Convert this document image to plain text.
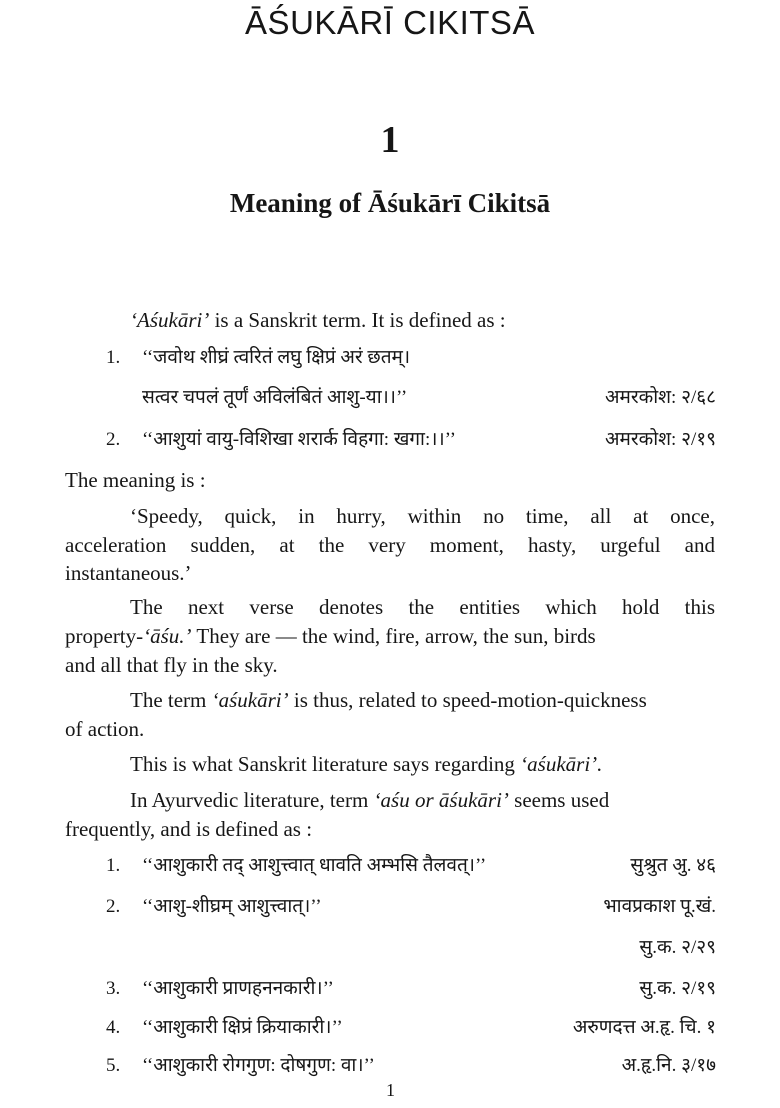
ĀŚUKĀRĪ CIKITSĀ
1
Meaning of Āśukārī Cikitsā
‘Aśukāri’ is a Sanskrit term. It is defined as :
1. ‘‘जवोथ शीघ्रं त्वरितं लघु क्षिप्रं अरं छतम्।
सत्वर चपलं तूर्णं अविलंबितं आशु-या।।’’	अमरकोश: २/६८
2. ‘‘आशुयां वायु-विशिखा शरार्क विहगा: खगा:।।’’	अमरकोश: २/१९
The meaning is :
‘Speedy, quick, in hurry, within no time, all at once,
acceleration sudden, at the very moment, hasty, urgeful and
instantaneous.’
The next verse denotes the entities which hold this
property-‘āśu.’ They are — the wind, fire, arrow, the sun, birds
and all that fly in the sky.
The term ‘aśukāri’ is thus, related to speed-motion-quickness
of action.
This is what Sanskrit literature says regarding ‘aśukāri’.
In Ayurvedic literature, term ‘aśu or āśukāri’ seems used
frequently, and is defined as :
1. ‘‘आशुकारी तद् आशुत्त्वात् धावति अम्भसि तैलवत्।’’	सुश्रुत अु. ४६
2. ‘‘आशु-शीघ्रम् आशुत्त्वात्।’’	भावप्रकाश पू.खं.
सु.क. २/२९
3. ‘‘आशुकारी प्राणहननकारी।’’	सु.क. २/१९
4. ‘‘आशुकारी क्षिप्रं क्रियाकारी।’’	अरुणदत्त अ.हृ. चि. १
5. ‘‘आशुकारी रोगगुण: दोषगुण: वा।’’	अ.हृ.नि. ३/१७
1
